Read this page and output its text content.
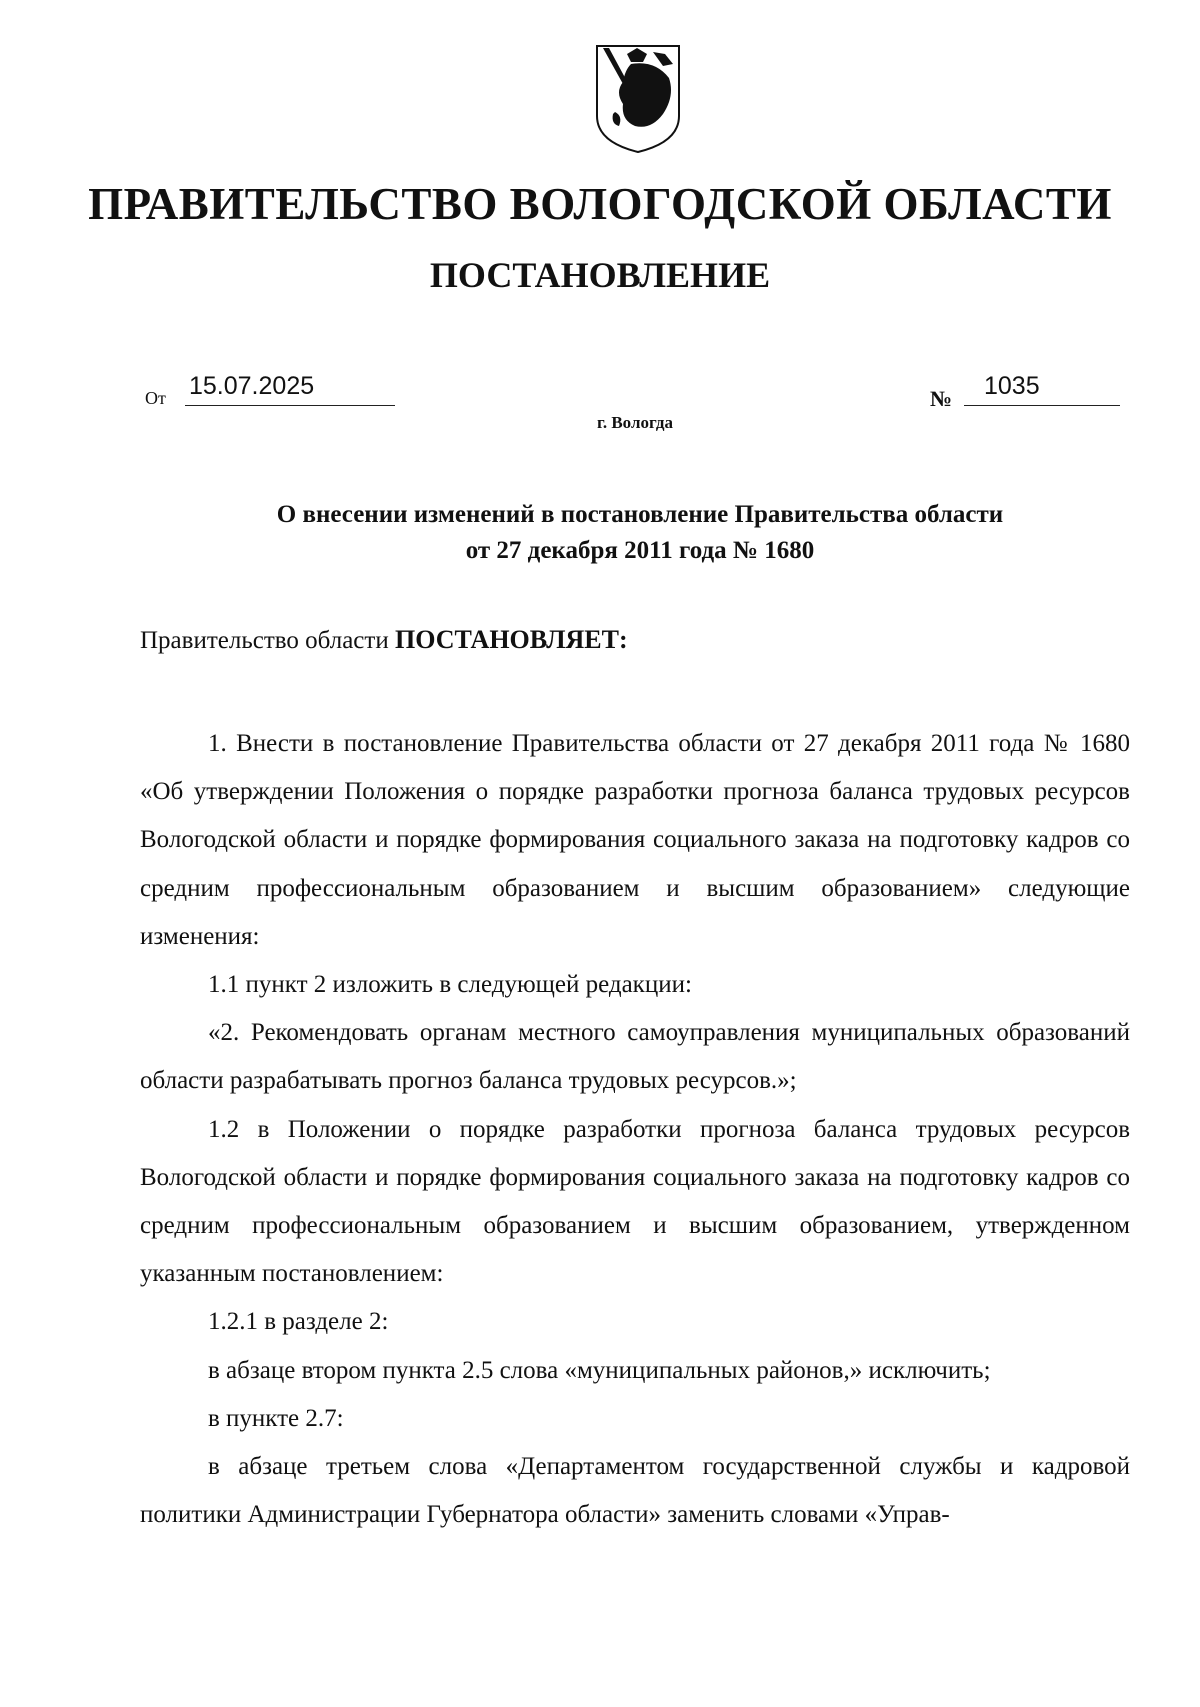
ПРАВИТЕЛЬСТВО ВОЛОГОДСКОЙ ОБЛАСТИ
ПОСТАНОВЛЕНИЕ
От 15.07.2025	№	1035
г. Вологда
О внесении изменений в постановление Правительства области
от 27 декабря 2011 года № 1680
Правительство области ПОСТАНОВЛЯЕТ:

1. Внести в постановление Правительства области от 27 декабря 2011 года № 1680 «Об утверждении Положения о порядке разработки прогноза баланса трудовых ресурсов Вологодской области и порядке формирования социального заказа на подготовку кадров со средним профессиональным образованием и высшим образованием» следующие изменения:

1.1 пункт 2 изложить в следующей редакции:

«2. Рекомендовать органам местного самоуправления муниципальных образований области разрабатывать прогноз баланса трудовых ресурсов.»;

1.2 в Положении о порядке разработки прогноза баланса трудовых ресурсов Вологодской области и порядке формирования социального заказа на подготовку кадров со средним профессиональным образованием и высшим образованием, утвержденном указанным постановлением:

1.2.1 в разделе 2:

в абзаце втором пункта 2.5 слова «муниципальных районов,» исключить;

в пункте 2.7:

в абзаце третьем слова «Департаментом государственной службы и кадровой политики Администрации Губернатора области» заменить словами «Управ-
